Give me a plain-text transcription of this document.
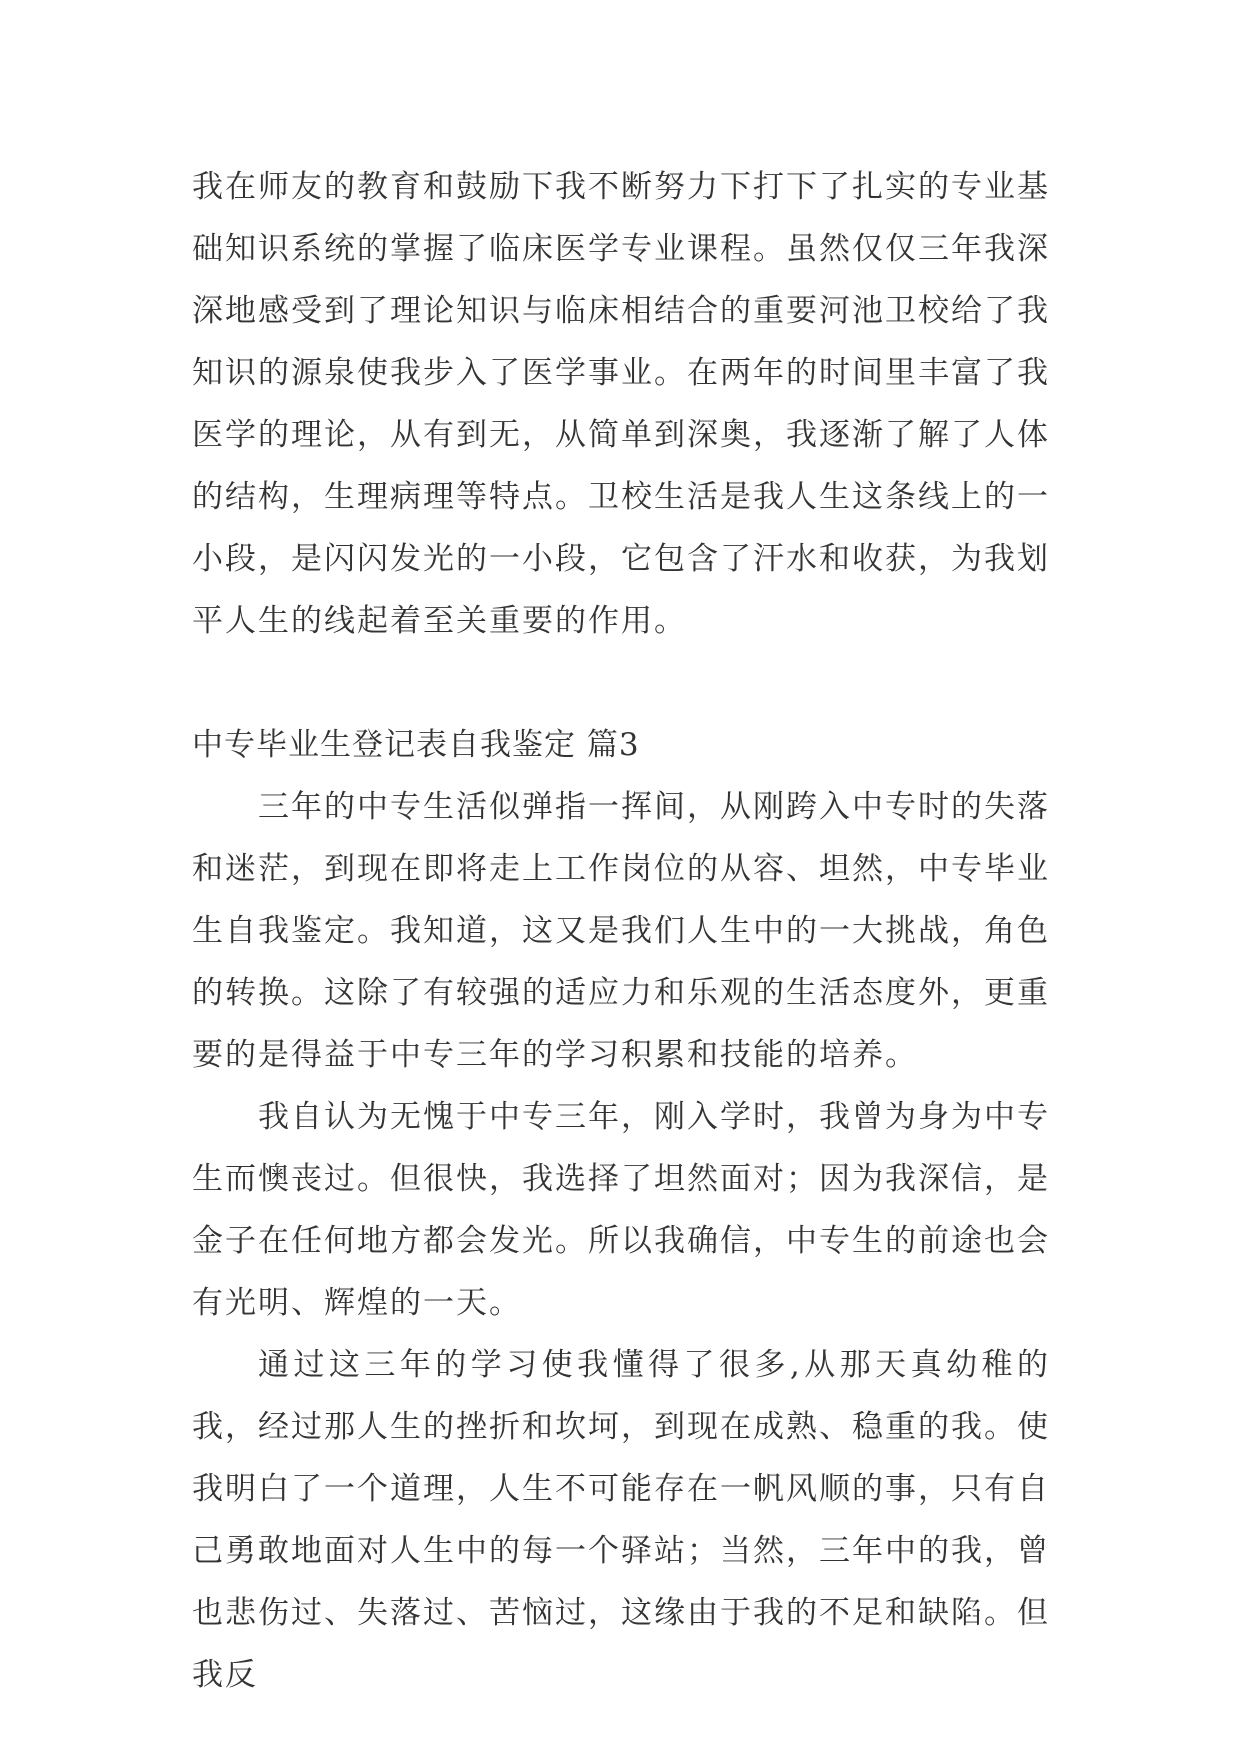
我在师友的教育和鼓励下我不断努力下打下了扎实的专业基础知识系统的掌握了临床医学专业课程。虽然仅仅三年我深深地感受到了理论知识与临床相结合的重要河池卫校给了我知识的源泉使我步入了医学事业。在两年的时间里丰富了我医学的理论，从有到无，从简单到深奥，我逐渐了解了人体的结构，生理病理等特点。卫校生活是我人生这条线上的一小段，是闪闪发光的一小段，它包含了汗水和收获，为我划平人生的线起着至关重要的作用。

中专毕业生登记表自我鉴定 篇3

三年的中专生活似弹指一挥间，从刚跨入中专时的失落和迷茫，到现在即将走上工作岗位的从容、坦然，中专毕业生自我鉴定。我知道，这又是我们人生中的一大挑战，角色的转换。这除了有较强的适应力和乐观的生活态度外，更重要的是得益于中专三年的学习积累和技能的培养。

我自认为无愧于中专三年，刚入学时，我曾为身为中专生而懊丧过。但很快，我选择了坦然面对；因为我深信，是金子在任何地方都会发光。所以我确信，中专生的前途也会有光明、辉煌的一天。

通过这三年的学习使我懂得了很多,从那天真幼稚的我，经过那人生的挫折和坎坷，到现在成熟、稳重的我。使我明白了一个道理，人生不可能存在一帆风顺的事，只有自己勇敢地面对人生中的每一个驿站；当然，三年中的我，曾也悲伤过、失落过、苦恼过，这缘由于我的不足和缺陷。但我反
